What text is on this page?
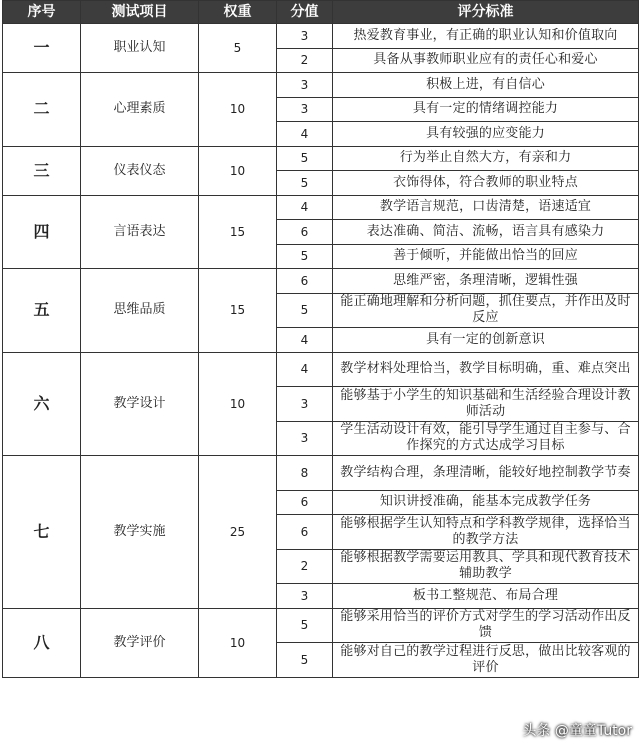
序号	测试项目	权重	分值	评分标准
一	职业认知	5	3	热爱教育事业，有正确的职业认知和价值取向
			2	具备从事教师职业应有的责任心和爱心
二	心理素质	10	3	积极上进，有自信心
			3	具有一定的情绪调控能力
			4	具有较强的应变能力
三	仪表仪态	10	5	行为举止自然大方，有亲和力
			5	衣饰得体，符合教师的职业特点
四	言语表达	15	4	教学语言规范，口齿清楚，语速适宜
			6	表达准确、简洁、流畅，语言具有感染力
			5	善于倾听，并能做出恰当的回应
五	思维品质	15	6	思维严密，条理清晰，逻辑性强
			5	能正确地理解和分析问题，抓住要点，并作出及时反应
			4	具有一定的创新意识
六	教学设计	10	4	教学材料处理恰当，教学目标明确，重、难点突出
			3	能够基于小学生的知识基础和生活经验合理设计教师活动
			3	学生活动设计有效，能引导学生通过自主参与、合作探究的方式达成学习目标
七	教学实施	25	8	教学结构合理，条理清晰，能较好地控制教学节奏
			6	知识讲授准确，能基本完成教学任务
			6	能够根据学生认知特点和学科教学规律，选择恰当的教学方法
			2	能够根据教学需要运用教具、学具和现代教育技术辅助教学
			3	板书工整规范、布局合理
八	教学评价	10	5	能够采用恰当的评价方式对学生的学习活动作出反馈
			5	能够对自己的教学过程进行反思，做出比较客观的评价
头条 @童童Tutor
